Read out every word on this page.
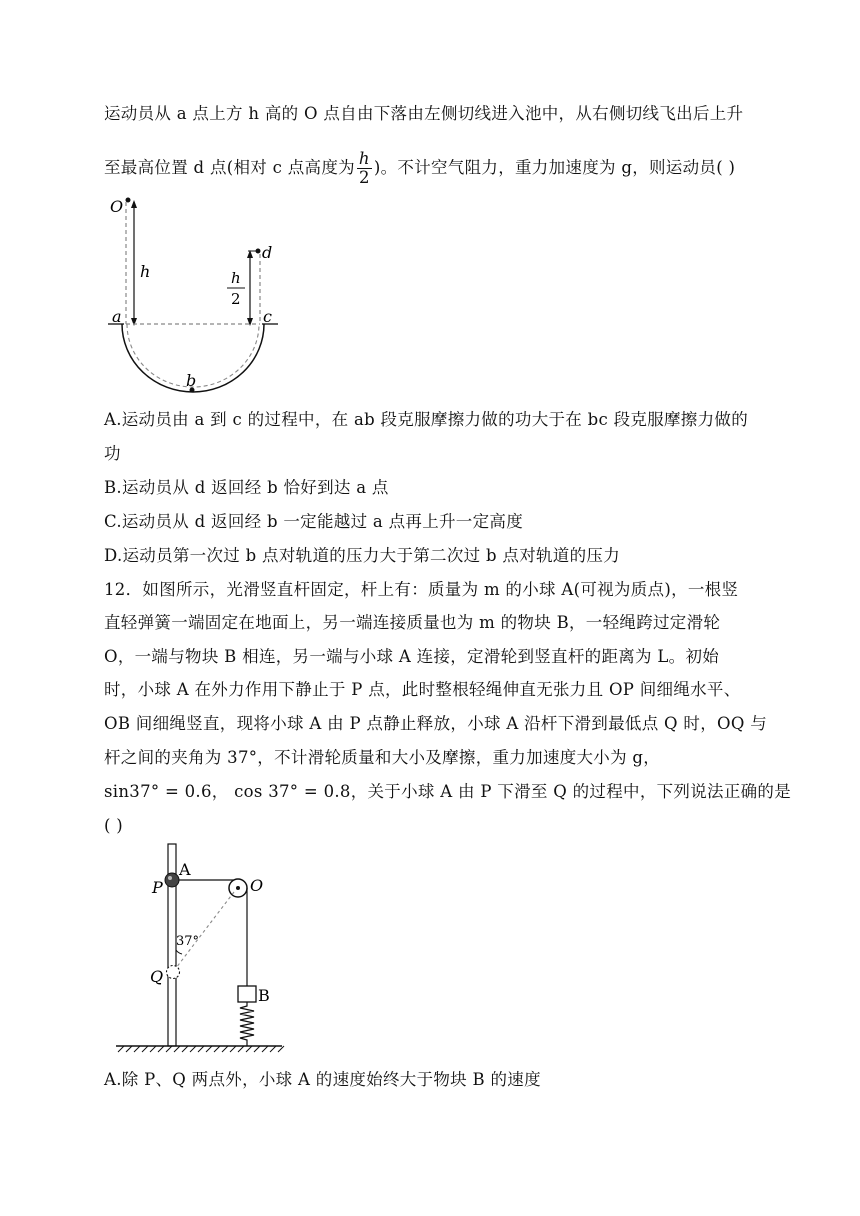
运动员从 a 点上方 h 高的 O 点自由下落由左侧切线进入池中，从右侧切线飞出后上升
至最高位置 d 点(相对 c 点高度为 $\frac{h}{2}$ )。不计空气阻力，重力加速度为 g，则运动员( )
O
h
d
h
2
a	c
b
A.运动员由 a 到 c 的过程中，在 ab 段克服摩擦力做的功大于在 bc 段克服摩擦力做的
功
B.运动员从 d 返回经 b 恰好到达 a 点
C.运动员从 d 返回经 b 一定能越过 a 点再上升一定高度
D.运动员第一次过 b 点对轨道的压力大于第二次过 b 点对轨道的压力
12．如图所示，光滑竖直杆固定，杆上有：质量为 m 的小球 A(可视为质点)，一根竖
直轻弹簧一端固定在地面上，另一端连接质量也为 m 的物块 B，一轻绳跨过定滑轮
O，一端与物块 B 相连，另一端与小球 A 连接，定滑轮到竖直杆的距离为 L。初始
时，小球 A 在外力作用下静止于 P 点，此时整根轻绳伸直无张力且 OP 间细绳水平、
OB 间细绳竖直，现将小球 A 由 P 点静止释放，小球 A 沿杆下滑到最低点 Q 时，OQ 与
杆之间的夹角为 37°，不计滑轮质量和大小及摩擦，重力加速度大小为 g，
sin37° = 0.6， cos 37° = 0.8，关于小球 A 由 P 下滑至 Q 的过程中，下列说法正确的是
( )
O
A
P
Q
37°
B
A.除 P、Q 两点外，小球 A 的速度始终大于物块 B 的速度
